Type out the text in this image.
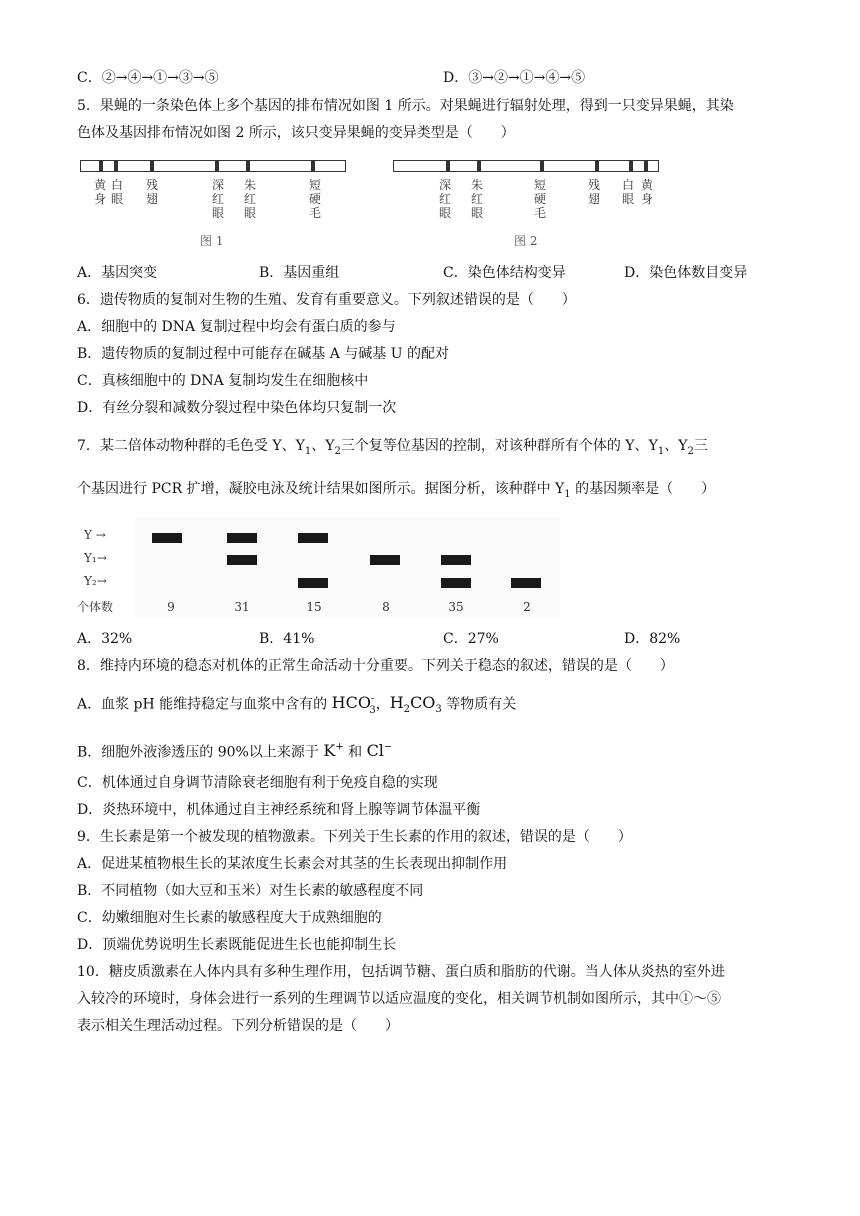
C．②→④→①→③→⑤	D．③→②→①→④→⑤
5．果蝇的一条染色体上多个基因的排布情况如图 1 所示。对果蝇进行辐射处理，得到一只变异果蝇，其染
色体及基因排布情况如图 2 所示，该只变异果蝇的变异类型是（　　）
黄身
白眼
残翅
深红眼
朱红眼
短硬毛
图 1
深红眼
朱红眼
短硬毛
残翅
白眼
黄身
图 2
A．基因突变	B．基因重组	C．染色体结构变异	D．染色体数目变异
6．遗传物质的复制对生物的生殖、发育有重要意义。下列叙述错误的是（　　）
A．细胞中的 DNA 复制过程中均会有蛋白质的参与
B．遗传物质的复制过程中可能存在碱基 A 与碱基 U 的配对
C．真核细胞中的 DNA 复制均发生在细胞核中
D．有丝分裂和减数分裂过程中染色体均只复制一次
7．某二倍体动物种群的毛色受 Y、$Y_1$、$Y_2$三个复等位基因的控制，对该种群所有个体的 Y、$Y_1$、$Y_2$三
个基因进行 PCR 扩增，凝胶电泳及统计结果如图所示。据图分析，该种群中 $Y_1$ 的基因频率是（　　）
Y →
Y₁→
Y₂→
个体数	9	31	15	8	35	2
A．32%	B．41%	C．27%	D．82%
8．维持内环境的稳态对机体的正常生命活动十分重要。下列关于稳态的叙述，错误的是（　　）
A．血浆 pH 能维持稳定与血浆中含有的 $HCO^-_3$，$H_2CO_3$ 等物质有关
B．细胞外液渗透压的 90%以上来源于 K+ 和 Cl−
C．机体通过自身调节清除衰老细胞有利于免疫自稳的实现
D．炎热环境中，机体通过自主神经系统和肾上腺等调节体温平衡
9．生长素是第一个被发现的植物激素。下列关于生长素的作用的叙述，错误的是（　　）
A．促进某植物根生长的某浓度生长素会对其茎的生长表现出抑制作用
B．不同植物（如大豆和玉米）对生长素的敏感程度不同
C．幼嫩细胞对生长素的敏感程度大于成熟细胞的
D．顶端优势说明生长素既能促进生长也能抑制生长
10．糖皮质激素在人体内具有多种生理作用，包括调节糖、蛋白质和脂肪的代谢。当人体从炎热的室外进
入较冷的环境时，身体会进行一系列的生理调节以适应温度的变化，相关调节机制如图所示，其中①～⑤
表示相关生理活动过程。下列分析错误的是（　　）
